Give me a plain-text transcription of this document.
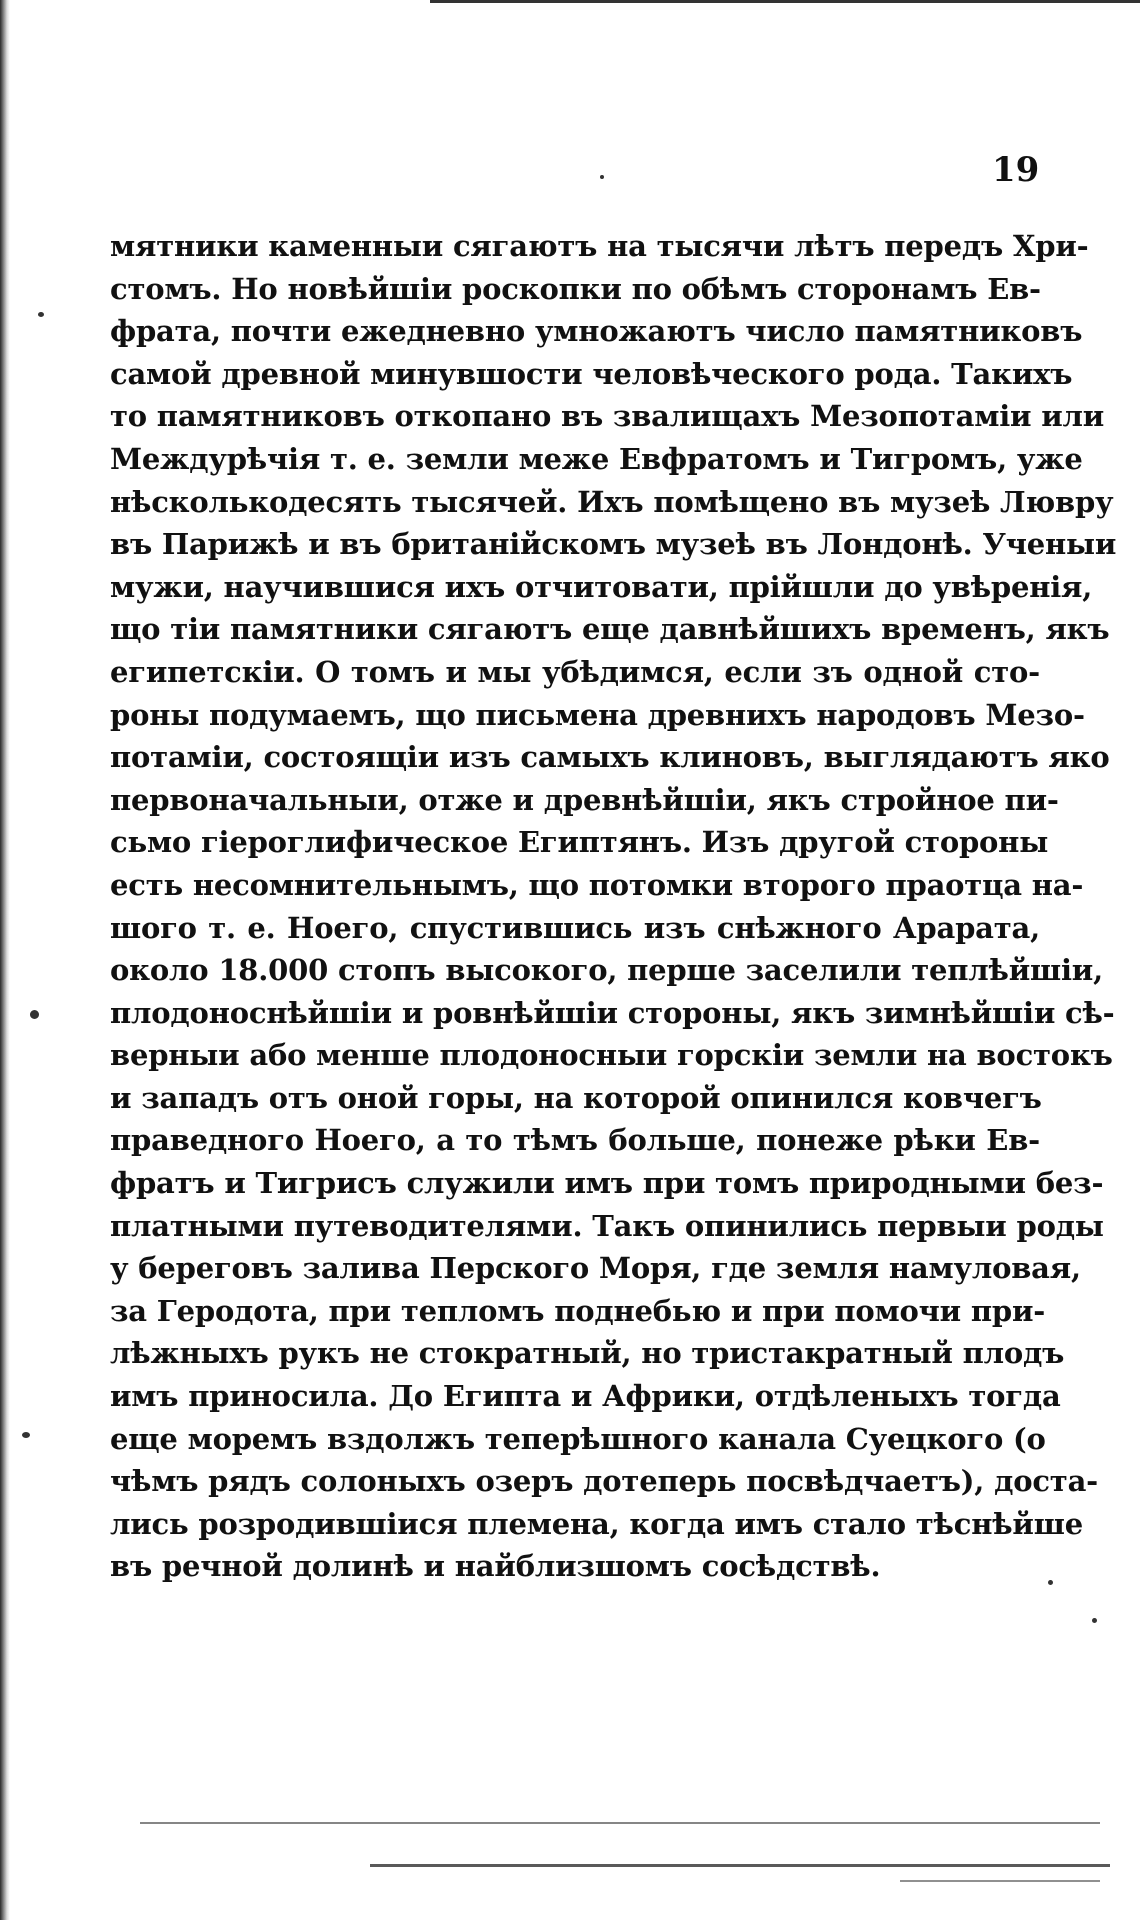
19
мятники каменныи сягаютъ на тысячи лѣтъ передъ Хри-
стомъ. Но новѣйшіи роскопки по обѣмъ сторонамъ Ев-
фрата, почти ежедневно умножаютъ число памятниковъ
самой древной минувшости человѣческого рода. Такихъ
то памятниковъ откопано въ звалищахъ Мезопотаміи или
Междурѣчія т. е. земли меже Евфратомъ и Тигромъ, уже
нѣсколькодесять тысячей. Ихъ помѣщено въ музеѣ Лювру
въ Парижѣ и въ британійскомъ музеѣ въ Лондонѣ. Ученыи
мужи, научившися ихъ отчитовати, прійшли до увѣренія,
що тіи памятники сягаютъ еще давнѣйшихъ временъ, якъ
египетскіи. О томъ и мы убѣдимся, если зъ одной сто-
роны подумаемъ, що письмена древнихъ народовъ Мезо-
потаміи, состоящіи изъ самыхъ клиновъ, выглядаютъ яко
первоначальныи, отже и древнѣйшіи, якъ стройное пи-
сьмо гіероглифическое Египтянъ. Изъ другой стороны
есть несомнительнымъ, що потомки второго праотца на-
шого т. е. Ноего, спустившись изъ снѣжного Арарата,
около 18.000 стопъ высокого, перше заселили теплѣйшіи,
плодоноснѣйшіи и ровнѣйшіи стороны, якъ зимнѣйшіи сѣ-
верныи або менше плодоносныи горскіи земли на востокъ
и западъ отъ оной горы, на которой опинился ковчегъ
праведного Ноего, а то тѣмъ больше, понеже рѣки Ев-
фратъ и Тигрисъ служили имъ при томъ природными без-
платными путеводителями. Такъ опинились первыи роды
у береговъ залива Перского Моря, где земля намуловая,
за Геродота, при тепломъ поднебью и при помочи при-
лѣжныхъ рукъ не стократный, но тристакратный плодъ
имъ приносила. До Египта и Африки, отдѣленыхъ тогда
еще моремъ вздолжъ теперѣшного канала Суецкого (о
чѣмъ рядъ солоныхъ озеръ дотеперь посвѣдчаетъ), доста-
лись розродившіися племена, когда имъ стало тѣснѣйше
въ речной долинѣ и найблизшомъ сосѣдствѣ.
